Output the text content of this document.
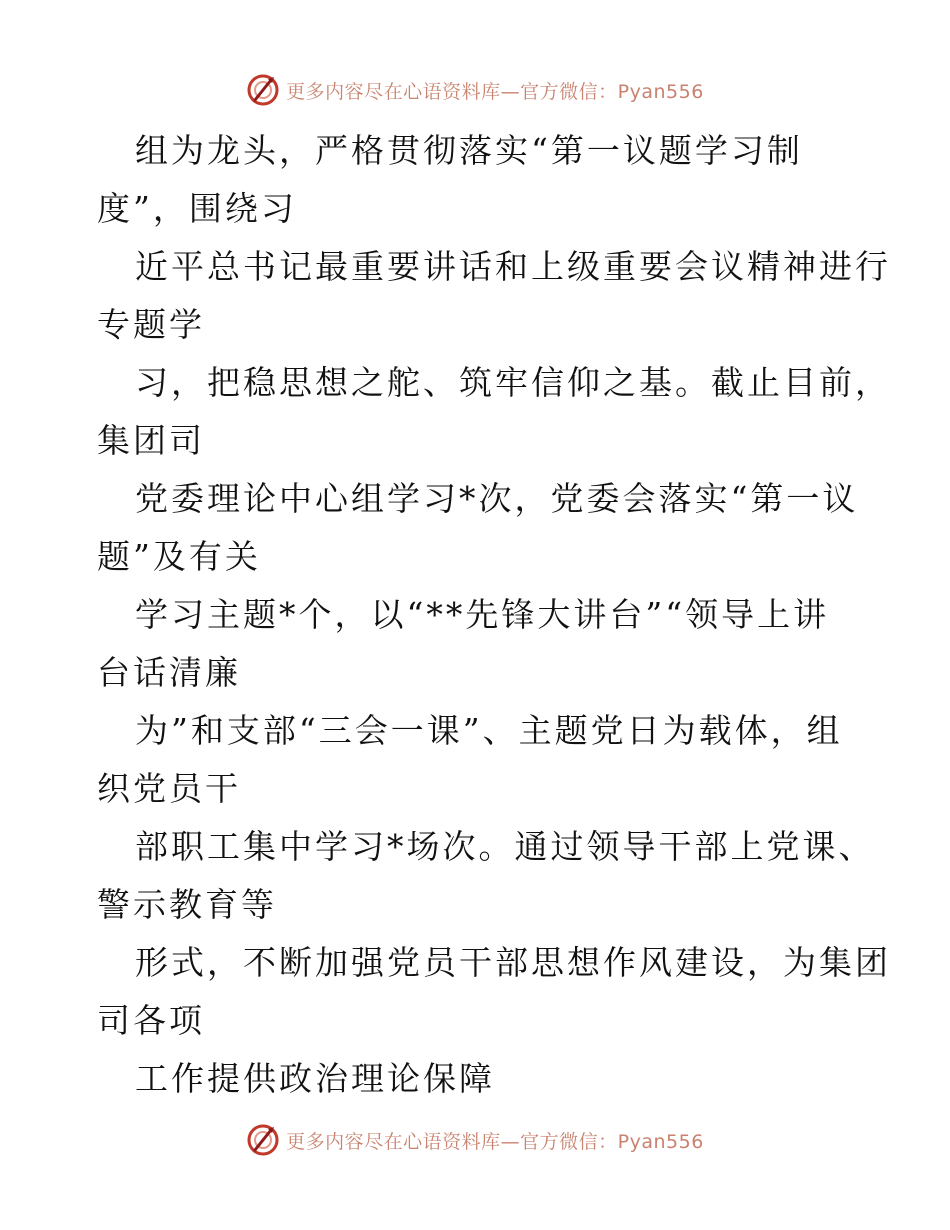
更多内容尽在心语资料库—官方微信：Pyan556
组为龙头，严格贯彻落实“第一议题学习制
度”，围绕习
近平总书记最重要讲话和上级重要会议精神进行
专题学
习，把稳思想之舵、筑牢信仰之基。截止目前，
集团司
党委理论中心组学习*次，党委会落实“第一议
题”及有关
学习主题*个，以“**先锋大讲台”“领导上讲
台话清廉
为”和支部“三会一课”、主题党日为载体，组
织党员干
部职工集中学习*场次。通过领导干部上党课、
警示教育等
形式，不断加强党员干部思想作风建设，为集团
司各项
工作提供政治理论保障
更多内容尽在心语资料库—官方微信：Pyan556
